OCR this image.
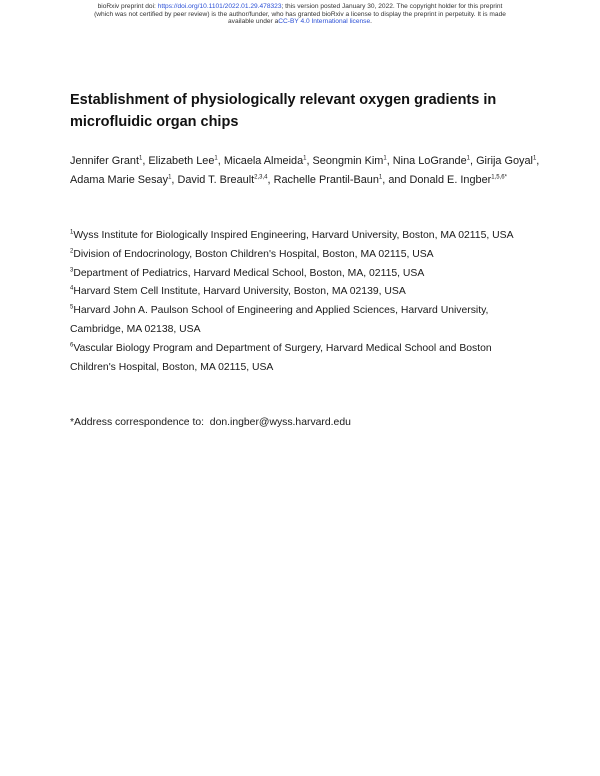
bioRxiv preprint doi: https://doi.org/10.1101/2022.01.29.478323; this version posted January 30, 2022. The copyright holder for this preprint
(which was not certified by peer review) is the author/funder, who has granted bioRxiv a license to display the preprint in perpetuity. It is made
available under aCC-BY 4.0 International license.
Establishment of physiologically relevant oxygen gradients in microfluidic organ chips
Jennifer Grant$^1$, Elizabeth Lee$^1$, Micaela Almeida$^1$, Seongmin Kim$^1$, Nina LoGrande$^1$, Girija Goyal$^1$, Adama Marie Sesay$^1$, David T. Breault$^{2,3,4}$, Rachelle Prantil-Baun$^1$, and Donald E. Ingber$^{1,5,6*}$

$^1$Wyss Institute for Biologically Inspired Engineering, Harvard University, Boston, MA 02115, USA

$^2$Division of Endocrinology, Boston Children's Hospital, Boston, MA 02115, USA

$^3$Department of Pediatrics, Harvard Medical School, Boston, MA, 02115, USA

$^4$Harvard Stem Cell Institute, Harvard University, Boston, MA 02139, USA

$^5$Harvard John A. Paulson School of Engineering and Applied Sciences, Harvard University, Cambridge, MA 02138, USA

$^6$Vascular Biology Program and Department of Surgery, Harvard Medical School and Boston Children's Hospital, Boston, MA 02115, USA

*Address correspondence to: don.ingber@wyss.harvard.edu
